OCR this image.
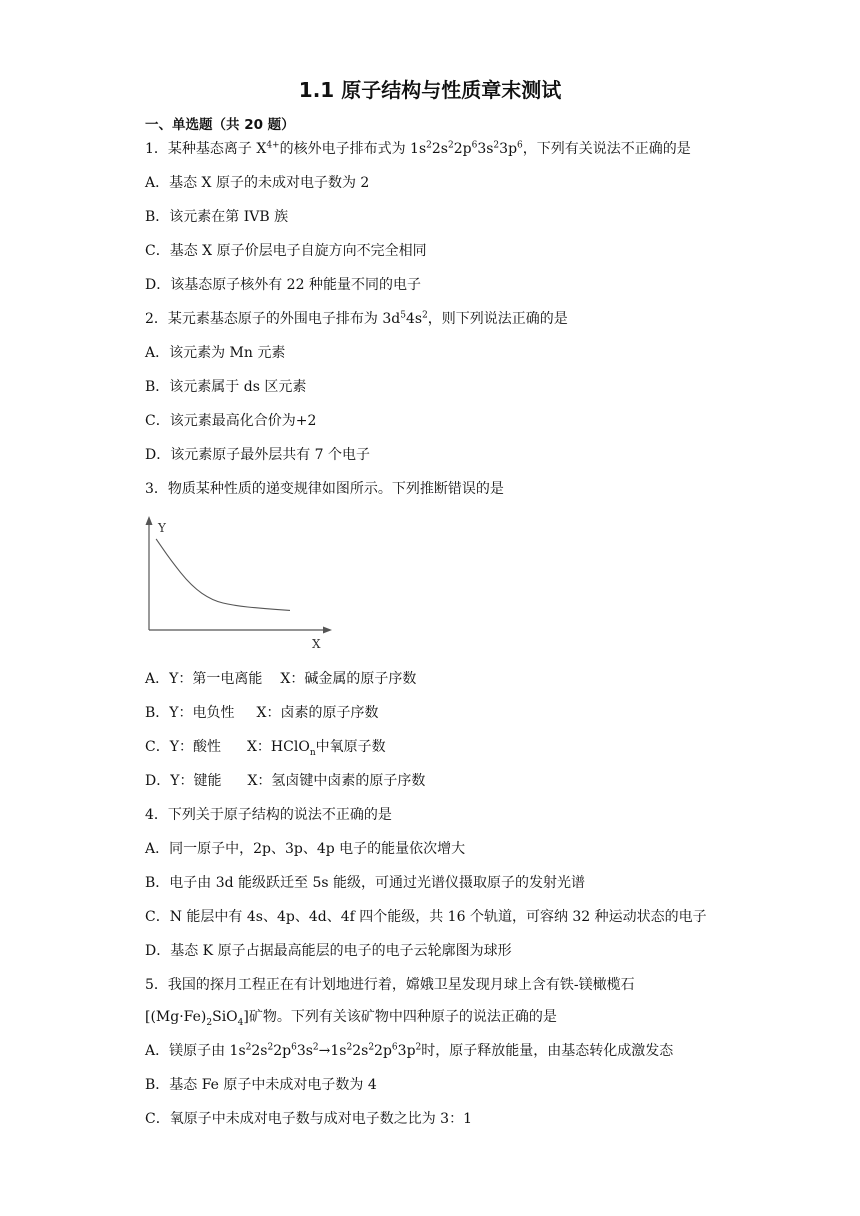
1.1 原子结构与性质章末测试
一、单选题（共 20 题）
1．某种基态离子 $X^{4+}$的核外电子排布式为 $1s^22s^22p^63s^23p^6$，下列有关说法不正确的是
A．基态 X 原子的未成对电子数为 2
B．该元素在第 IVB 族
C．基态 X 原子价层电子自旋方向不完全相同
D．该基态原子核外有 22 种能量不同的电子
2．某元素基态原子的外围电子排布为 $3d^54s^2$，则下列说法正确的是
A．该元素为 Mn 元素
B．该元素属于 ds 区元素
C．该元素最高化合价为+2
D．该元素原子最外层共有 7 个电子
3．物质某种性质的递变规律如图所示。下列推断错误的是
Y
X
A．Y：第一电离能 X：碱金属的原子序数
B．Y：电负性 X：卤素的原子序数
C．Y：酸性 X：HClO$_n$中氧原子数
D．Y：键能 X：氢卤键中卤素的原子序数
4．下列关于原子结构的说法不正确的是
A．同一原子中，2p、3p、4p 电子的能量依次增大
B．电子由 3d 能级跃迁至 5s 能级，可通过光谱仪摄取原子的发射光谱
C．N 能层中有 4s、4p、4d、4f 四个能级，共 16 个轨道，可容纳 32 种运动状态的电子
D．基态 K 原子占据最高能层的电子的电子云轮廓图为球形
5．我国的探月工程正在有计划地进行着，嫦娥卫星发现月球上含有铁-镁橄榄石
$[(Mg\cdot Fe)_2SiO_4]$矿物。下列有关该矿物中四种原子的说法正确的是
A．镁原子由 $1s^22s^22p^63s^2\to 1s^22s^22p^63p^2$时，原子释放能量，由基态转化成激发态
B．基态 Fe 原子中未成对电子数为 4
C．氧原子中未成对电子数与成对电子数之比为 3：1
